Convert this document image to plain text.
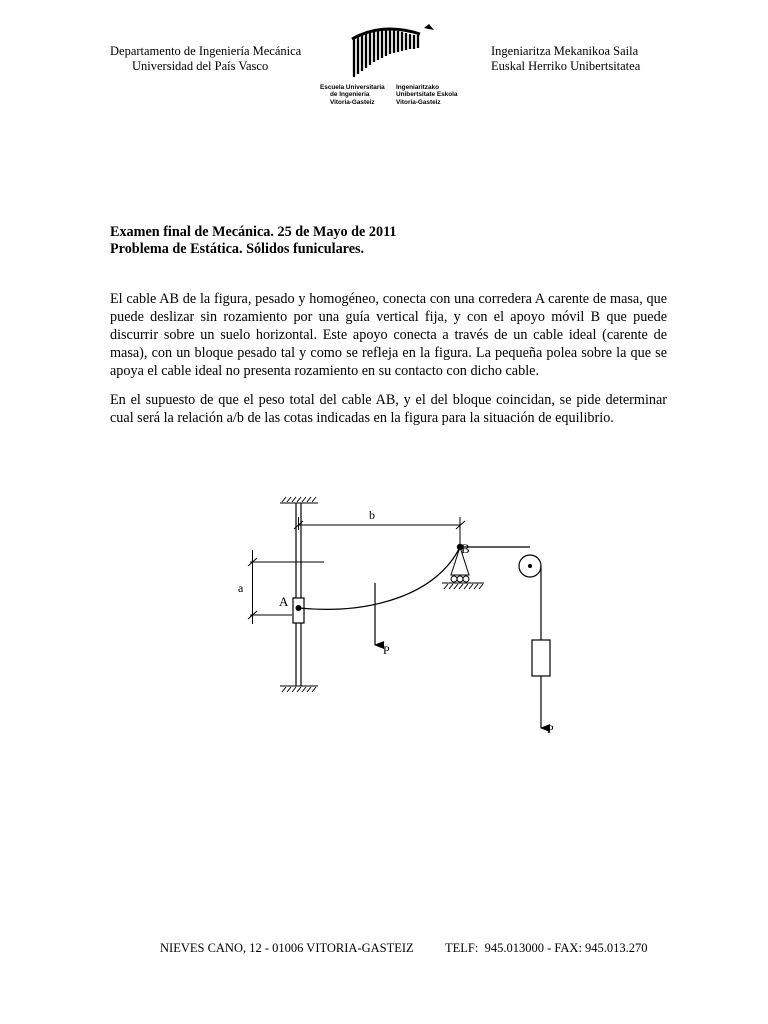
Departamento de Ingeniería Mecánica
Universidad del País Vasco
Escuela Universitaria
de Ingeniería
Vitoria-Gasteiz
Ingeniaritzako
Unibertsitate Eskola
Vitoria-Gasteiz
Ingeniaritza Mekanikoa Saila
Euskal Herriko Unibertsitatea
Examen final de Mecánica. 25 de Mayo de 2011
Problema de Estática. Sólidos funiculares.
El cable AB de la figura, pesado y homogéneo, conecta con una corredera A carente de masa, que puede deslizar sin rozamiento por una guía vertical fija, y con el apoyo móvil B que puede discurrir sobre un suelo horizontal. Este apoyo conecta a través de un cable ideal (carente de masa), con un bloque pesado tal y como se refleja en la figura. La pequeña polea sobre la que se apoya el cable ideal no presenta rozamiento en su contacto con dicho cable.
En el supuesto de que el peso total del cable AB, y el del bloque coincidan, se pide determinar cual será la relación a/b de las cotas indicadas en la figura para la situación de equilibrio.
b
a
A
P
B
P
NIEVES CANO, 12 - 01006 VITORIA-GASTEIZ	TELF:  945.013000 - FAX: 945.013.270
